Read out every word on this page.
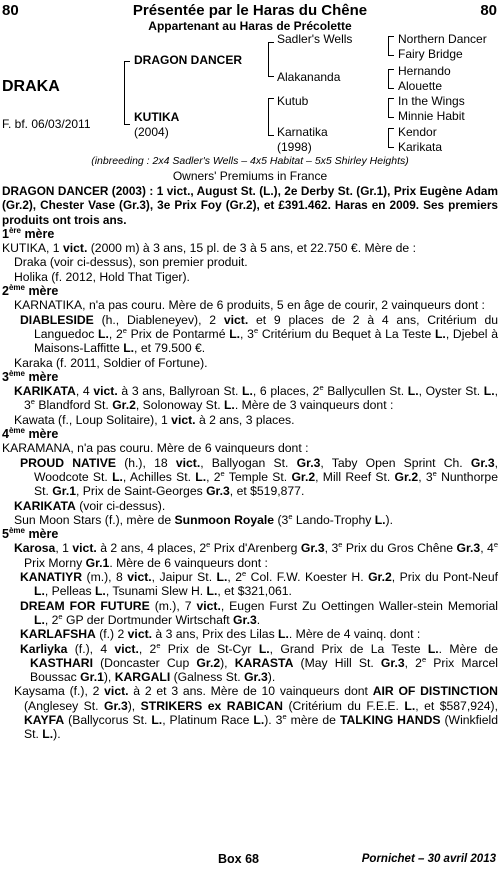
80	Présentée par le Haras du Chêne	80
Appartenant au Haras de Précolette
DRAKA
F. bf. 06/03/2011
DRAGON DANCER
KUTIKA
(2004)
Sadler's Wells
Alakananda
Kutub
Karnatika
(1998)
Northern Dancer
Fairy Bridge
Hernando
Alouette
In the Wings
Minnie Habit
Kendor
Karikata
(inbreeding : 2x4 Sadler's Wells – 4x5 Habitat – 5x5 Shirley Heights)
Owners' Premiums in France

DRAGON DANCER (2003) : 1 vict., August St. (L.), 2e Derby St. (Gr.1), Prix Eugène Adam (Gr.2), Chester Vase (Gr.3), 3e Prix Foy (Gr.2), et £391.462. Haras en 2009. Ses premiers produits ont trois ans.

1ère mère

KUTIKA, 1 vict. (2000 m) à 3 ans, 15 pl. de 3 à 5 ans, et 22.750 €. Mère de :

Draka (voir ci-dessus), son premier produit.

Holika (f. 2012, Hold That Tiger).

2ème mère

KARNATIKA, n'a pas couru. Mère de 6 produits, 5 en âge de courir, 2 vainqueurs dont :

DIABLESIDE (h., Diableneyev), 2 vict. et 9 places de 2 à 4 ans, Critérium du Languedoc L., 2e Prix de Pontarmé L., 3e Critérium du Bequet à La Teste L., Djebel à Maisons-Laffitte L., et 79.500 €.

Karaka (f. 2011, Soldier of Fortune).

3ème mère

KARIKATA, 4 vict. à 3 ans, Ballyroan St. L., 6 places, 2e Ballycullen St. L., Oyster St. L., 3e Blandford St. Gr.2, Solonoway St. L.. Mère de 3 vainqueurs dont :

Kawata (f., Loup Solitaire), 1 vict. à 2 ans, 3 places.

4ème mère

KARAMANA, n'a pas couru. Mère de 6 vainqueurs dont :

PROUD NATIVE (h.), 18 vict., Ballyogan St. Gr.3, Taby Open Sprint Ch. Gr.3, Woodcote St. L., Achilles St. L., 2e Temple St. Gr.2, Mill Reef St. Gr.2, 3e Nunthorpe St. Gr.1, Prix de Saint-Georges Gr.3, et $519,877.

KARIKATA (voir ci-dessus).

Sun Moon Stars (f.), mère de Sunmoon Royale (3e Lando-Trophy L.).

5ème mère

Karosa, 1 vict. à 2 ans, 4 places, 2e Prix d'Arenberg Gr.3, 3e Prix du Gros Chêne Gr.3, 4e Prix Morny Gr.1. Mère de 6 vainqueurs dont :

KANATIYR (m.), 8 vict., Jaipur St. L., 2e Col. F.W. Koester H. Gr.2, Prix du Pont-Neuf L., Pelleas L., Tsunami Slew H. L., et $321,061.

DREAM FOR FUTURE (m.), 7 vict., Eugen Furst Zu Oettingen Waller-stein Memorial L., 2e GP der Dortmunder Wirtschaft Gr.3.

KARLAFSHA (f.) 2 vict. à 3 ans, Prix des Lilas L.. Mère de 4 vainq. dont :

Karliyka (f.), 4 vict., 2e Prix de St-Cyr L., Grand Prix de La Teste L.. Mère de KASTHARI (Doncaster Cup Gr.2), KARASTA (May Hill St. Gr.3, 2e Prix Marcel Boussac Gr.1), KARGALI (Galness St. Gr.3).

Kaysama (f.), 2 vict. à 2 et 3 ans. Mère de 10 vainqueurs dont AIR OF DISTINCTION (Anglesey St. Gr.3), STRIKERS ex RABICAN (Critérium du F.E.E. L., et $587,924), KAYFA (Ballycorus St. L., Platinum Race L.). 3e mère de TALKING HANDS (Winkfield St. L.).

Box 68	Pornichet – 30 avril 2013
